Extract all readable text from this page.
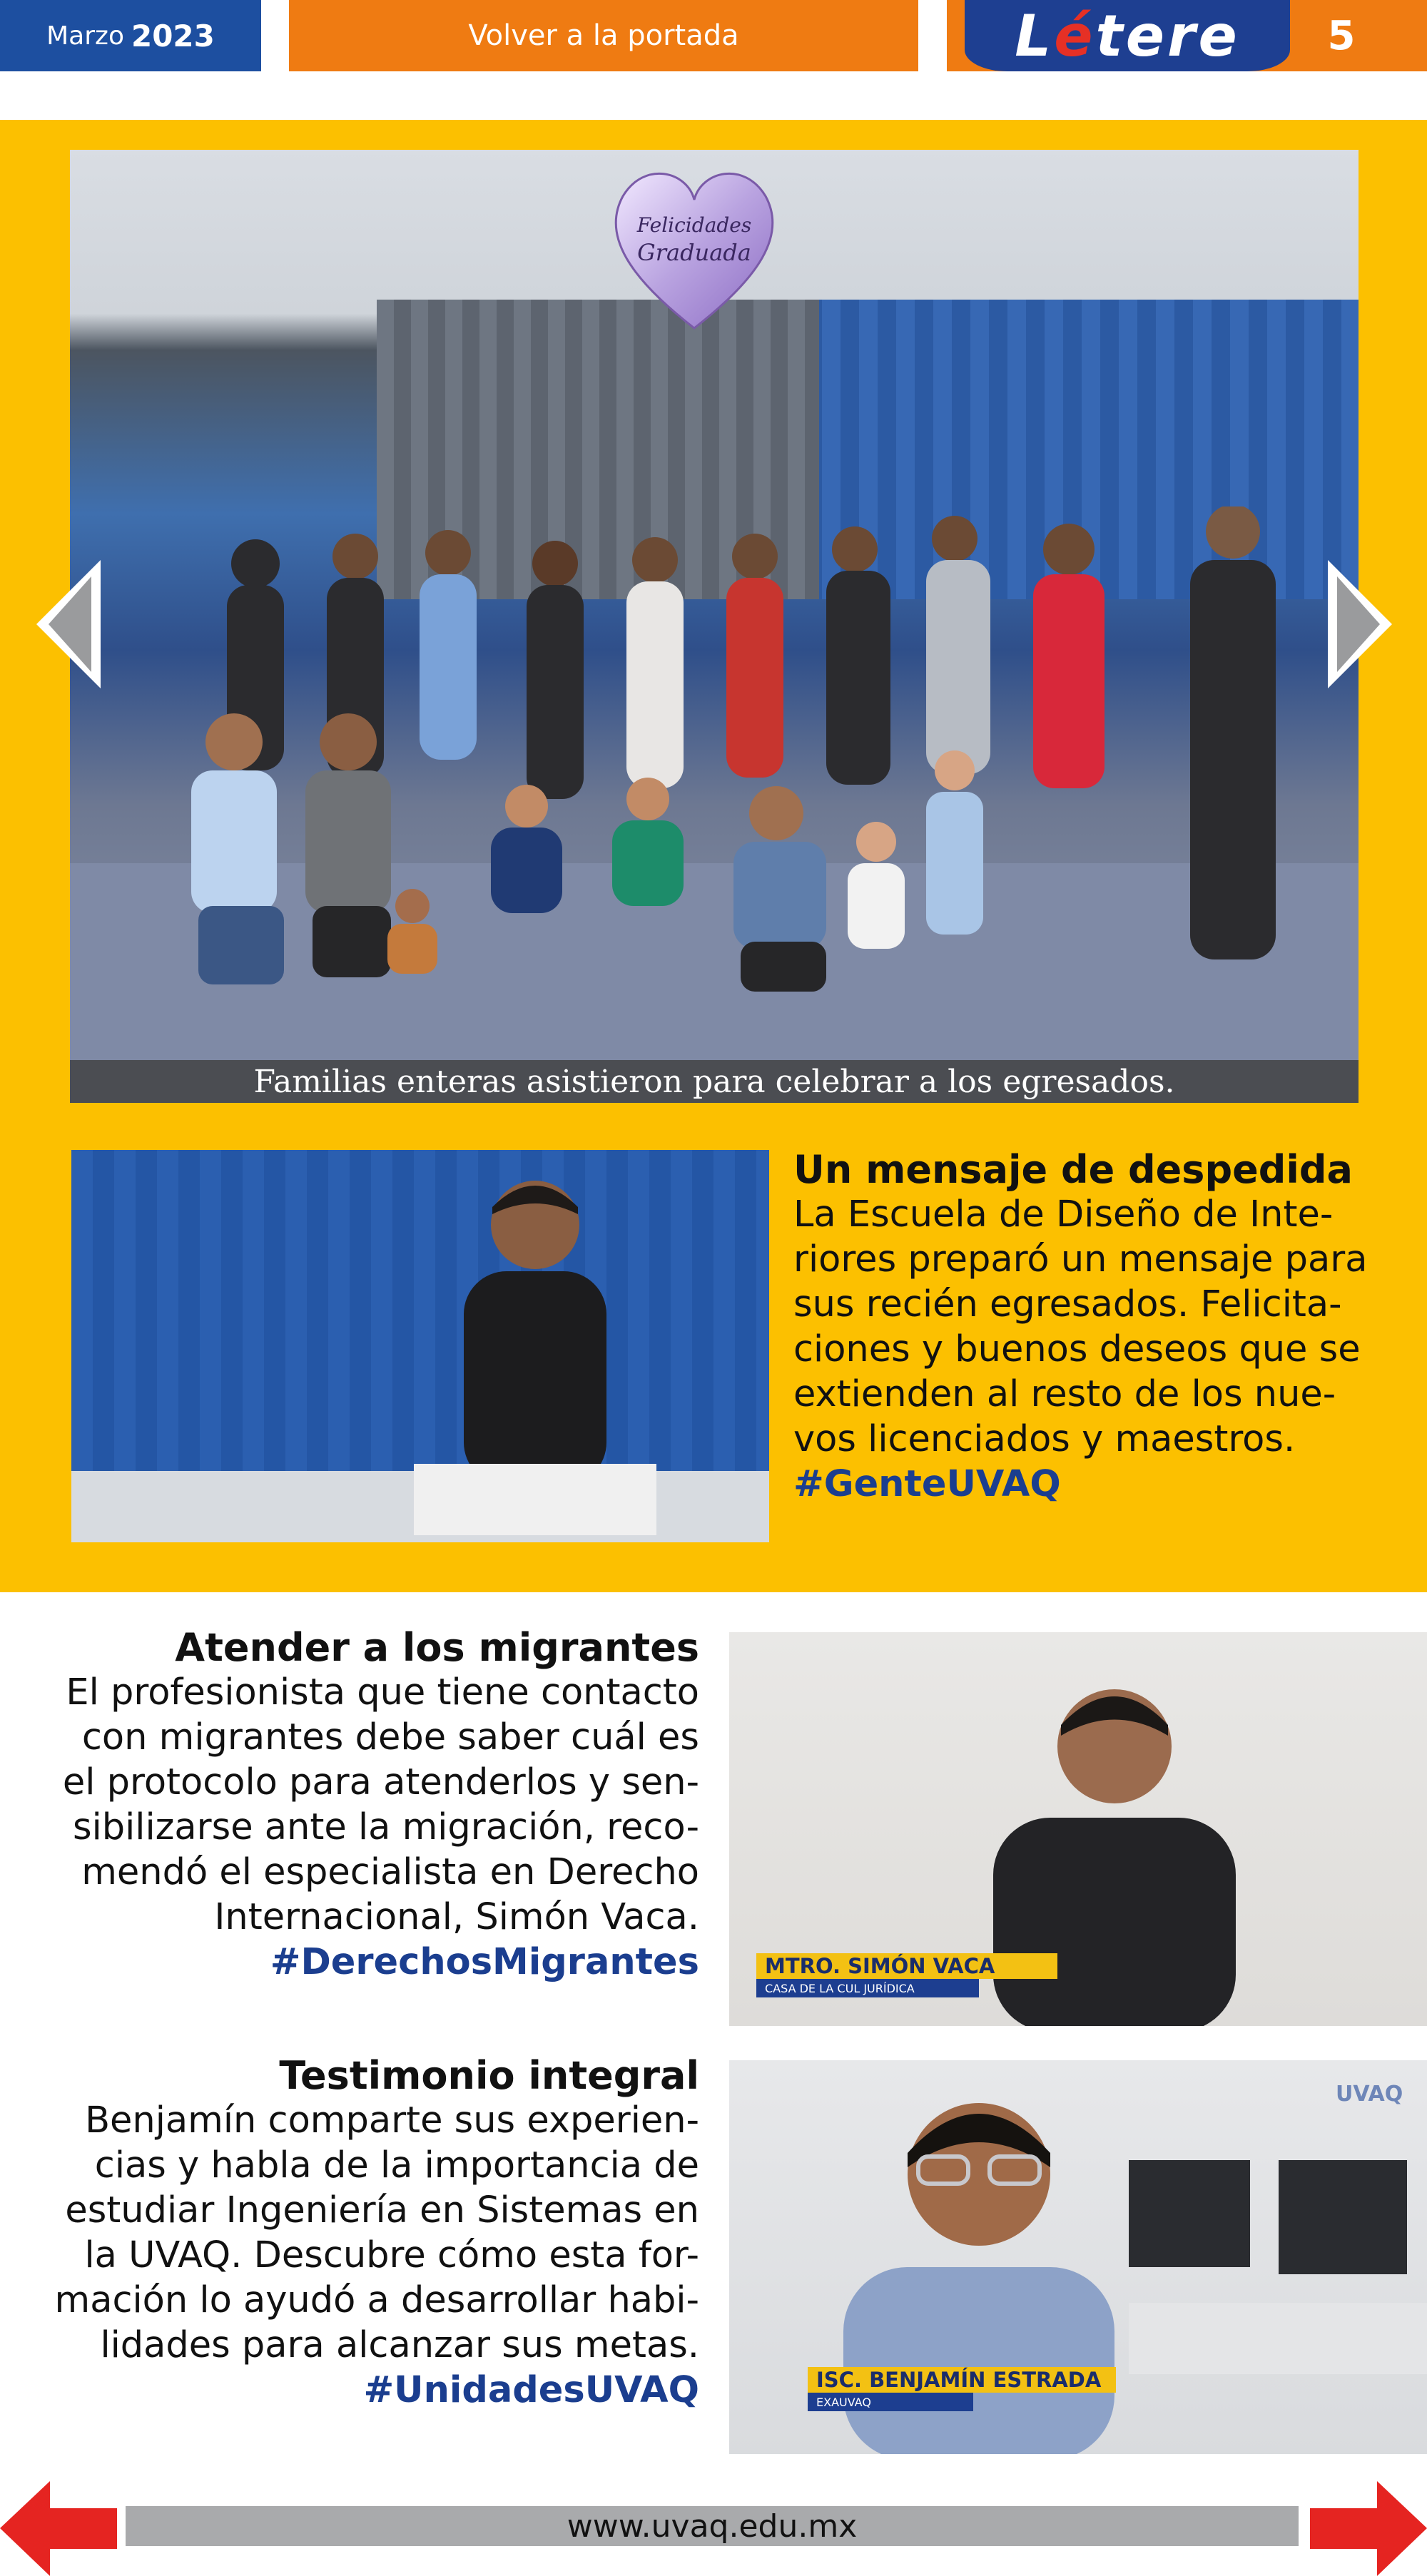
Marzo 2023	Volver a la portada	Létere	5
Felicidades
Graduada
Familias enteras asistieron para celebrar a los egresados.
Un mensaje de despedida
La Escuela de Diseño de Inte-
riores preparó un mensaje para
sus recién egresados. Felicita-
ciones y buenos deseos que se
extienden al resto de los nue-
vos licenciados y maestros.
#GenteUVAQ
Atender a los migrantes
El profesionista que tiene contacto
con migrantes debe saber cuál es
el protocolo para atenderlos y sen-
sibilizarse ante la migración, reco-
mendó el especialista en Derecho
Internacional, Simón Vaca.
#DerechosMigrantes	MTRO. SIMÓN VACA
CASA DE LA CUL JURÍDICA
Testimonio integral
Benjamín comparte sus experien-
cias y habla de la importancia de
estudiar Ingeniería en Sistemas en
la UVAQ. Descubre cómo esta for-
mación lo ayudó a desarrollar habi-
lidades para alcanzar sus metas.
#UnidadesUVAQ
UVAQ
ISC. BENJAMÍN ESTRADA
EXAUVAQ
www.uvaq.edu.mx
